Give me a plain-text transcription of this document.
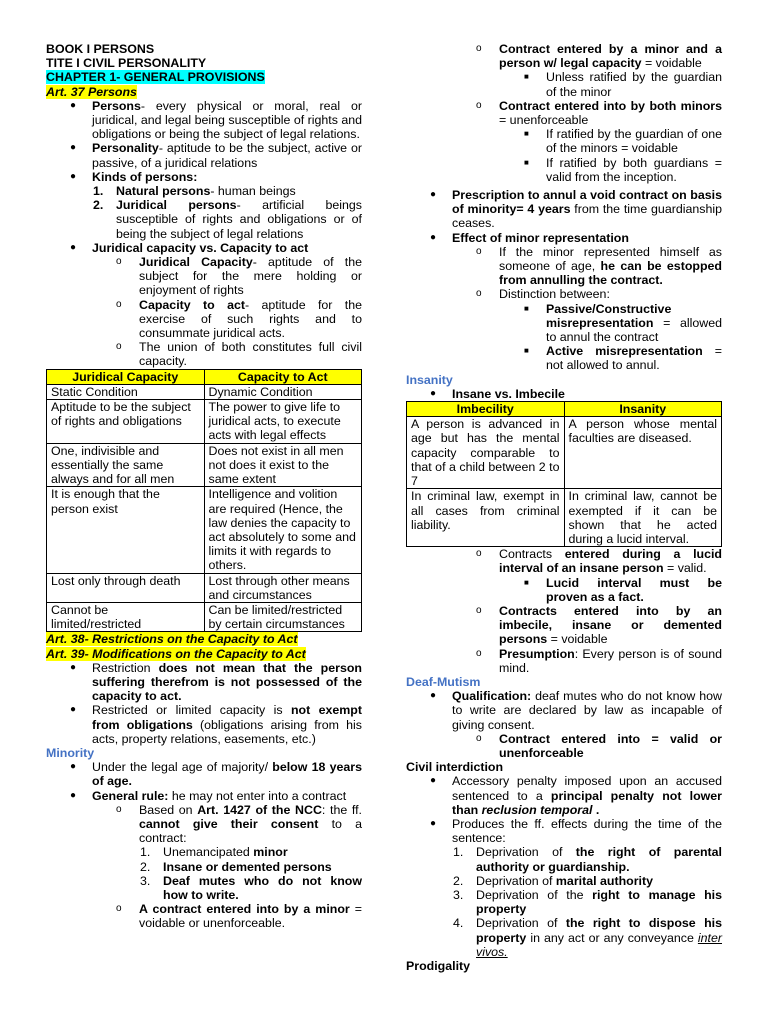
BOOK I PERSONS

TITE I CIVIL PERSONALITY

CHAPTER 1- GENERAL PROVISIONS

Art. 37 Persons

● Persons- every physical or moral, real or juridical, and legal being susceptible of rights and obligations or being the subject of legal relations.
● Personality- aptitude to be the subject, active or passive, of a juridical relations
● Kinds of persons:
1. Natural persons- human beings
2. Juridical persons- artificial beings susceptible of rights and obligations or of being the subject of legal relations
● Juridical capacity vs. Capacity to act
o Juridical Capacity- aptitude of the subject for the mere holding or enjoyment of rights
o Capacity to act- aptitude for the exercise of such rights and to consummate juridical acts.
o The union of both constitutes full civil capacity.
Juridical Capacity	Capacity to Act
Static Condition	Dynamic Condition
Aptitude to be the subject of rights and obligations	The power to give life to juridical acts, to execute acts with legal effects
One, indivisible and essentially the same always and for all men	Does not exist in all men not does it exist to the same extent
It is enough that the person exist	Intelligence and volition are required (Hence, the law denies the capacity to act absolutely to some and limits it with regards to others.
Lost only through death	Lost through other means and circumstances
Cannot be limited/restricted	Can be limited/restricted by certain circumstances

Art. 38- Restrictions on the Capacity to Act

Art. 39- Modifications on the Capacity to Act

● Restriction does not mean that the person suffering therefrom is not possessed of the capacity to act.
● Restricted or limited capacity is not exempt from obligations (obligations arising from his acts, property relations, easements, etc.)

Minority

● Under the legal age of majority/ below 18 years of age.
● General rule: he may not enter into a contract
o Based on Art. 1427 of the NCC: the ff. cannot give their consent to a contract:
1. Unemancipated minor
2. Insane or demented persons
3. Deaf mutes who do not know how to write.
o A contract entered into by a minor = voidable or unenforceable.
o Contract entered by a minor and a person w/ legal capacity = voidable
■ Unless ratified by the guardian of the minor
o Contract entered into by both minors = unenforceable
■ If ratified by the guardian of one of the minors = voidable
■ If ratified by both guardians = valid from the inception.
● Prescription to annul a void contract on basis of minority= 4 years from the time guardianship ceases.
● Effect of minor representation
o If the minor represented himself as someone of age, he can be estopped from annulling the contract.
o Distinction between:
■ Passive/Constructive misrepresentation = allowed to annul the contract
■ Active misrepresentation = not allowed to annul.

Insanity

● Insane vs. Imbecile
Imbecility	Insanity
A person is advanced in age but has the mental capacity comparable to that of a child between 2 to 7	A person whose mental faculties are diseased.
In criminal law, exempt in all cases from criminal liability.	In criminal law, cannot be exempted if it can be shown that he acted during a lucid interval.
o Contracts entered during a lucid interval of an insane person = valid.
■ Lucid interval must be proven as a fact.
o Contracts entered into by an imbecile, insane or demented persons = voidable
o Presumption: Every person is of sound mind.

Deaf-Mutism

● Qualification: deaf mutes who do not know how to write are declared by law as incapable of giving consent.
o Contract entered into = valid or unenforceable

Civil interdiction

● Accessory penalty imposed upon an accused sentenced to a principal penalty not lower than reclusion temporal .
● Produces the ff. effects during the time of the sentence:
1. Deprivation of the right of parental authority or guardianship.
2. Deprivation of marital authority
3. Deprivation of the right to manage his property
4. Deprivation of the right to dispose his property in any act or any conveyance inter vivos.

Prodigality
